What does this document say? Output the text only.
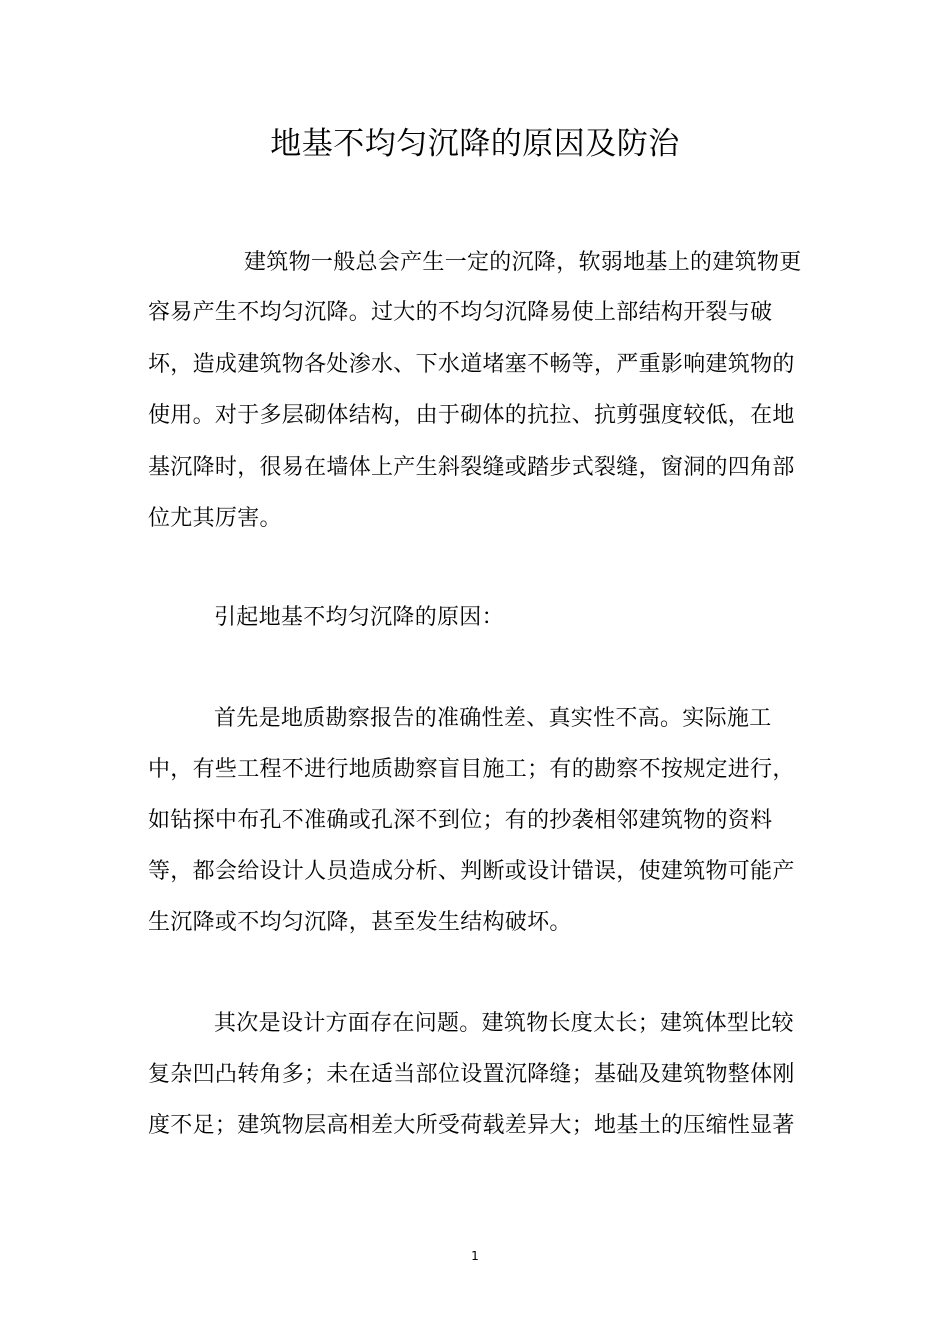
地基不均匀沉降的原因及防治
建筑物一般总会产生一定的沉降，软弱地基上的建筑物更
容易产生不均匀沉降。过大的不均匀沉降易使上部结构开裂与破
坏，造成建筑物各处渗水、下水道堵塞不畅等，严重影响建筑物的
使用。对于多层砌体结构，由于砌体的抗拉、抗剪强度较低，在地
基沉降时，很易在墙体上产生斜裂缝或踏步式裂缝，窗洞的四角部
位尤其厉害。
引起地基不均匀沉降的原因：
首先是地质勘察报告的准确性差、真实性不高。实际施工
中，有些工程不进行地质勘察盲目施工；有的勘察不按规定进行，
如钻探中布孔不准确或孔深不到位；有的抄袭相邻建筑物的资料
等，都会给设计人员造成分析、判断或设计错误，使建筑物可能产
生沉降或不均匀沉降，甚至发生结构破坏。
其次是设计方面存在问题。建筑物长度太长；建筑体型比较
复杂凹凸转角多；未在适当部位设置沉降缝；基础及建筑物整体刚
度不足；建筑物层高相差大所受荷载差异大；地基土的压缩性显著
1
